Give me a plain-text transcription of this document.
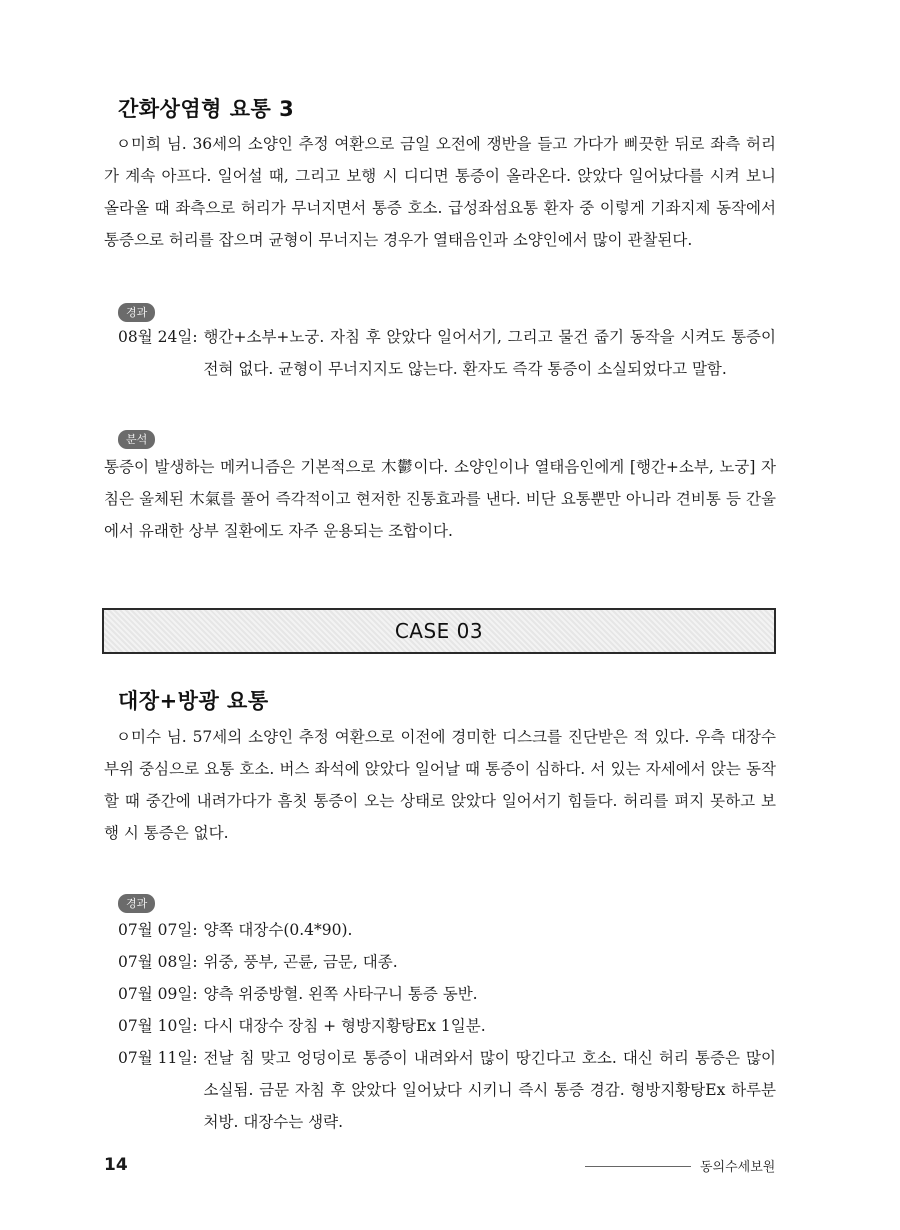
간화상염형 요통 3
ㅇ미희 님. 36세의 소양인 추정 여환으로 금일 오전에 쟁반을 들고 가다가 삐끗한 뒤로 좌측 허리가 계속 아프다. 일어설 때, 그리고 보행 시 디디면 통증이 올라온다. 앉았다 일어났다를 시켜 보니 올라올 때 좌측으로 허리가 무너지면서 통증 호소. 급성좌섬요통 환자 중 이렇게 기좌지제 동작에서 통증으로 허리를 잡으며 균형이 무너지는 경우가 열태음인과 소양인에서 많이 관찰된다.
경과
08월 24일: 행간+소부+노궁. 자침 후 앉았다 일어서기, 그리고 물건 줍기 동작을 시켜도 통증이 전혀 없다. 균형이 무너지지도 않는다. 환자도 즉각 통증이 소실되었다고 말함.
분석
통증이 발생하는 메커니즘은 기본적으로 木鬱이다. 소양인이나 열태음인에게 [행간+소부, 노궁] 자침은 울체된 木氣를 풀어 즉각적이고 현저한 진통효과를 낸다. 비단 요통뿐만 아니라 견비통 등 간울에서 유래한 상부 질환에도 자주 운용되는 조합이다.
CASE 03
대장+방광 요통
ㅇ미수 님. 57세의 소양인 추정 여환으로 이전에 경미한 디스크를 진단받은 적 있다. 우측 대장수 부위 중심으로 요통 호소. 버스 좌석에 앉았다 일어날 때 통증이 심하다. 서 있는 자세에서 앉는 동작할 때 중간에 내려가다가 흠칫 통증이 오는 상태로 앉았다 일어서기 힘들다. 허리를 펴지 못하고 보행 시 통증은 없다.
경과
07월 07일: 양쪽 대장수(0.4*90).
07월 08일: 위중, 풍부, 곤륜, 금문, 대종.
07월 09일: 양측 위중방혈. 왼쪽 사타구니 통증 동반.
07월 10일: 다시 대장수 장침 + 형방지황탕Ex 1일분.
07월 11일: 전날 침 맞고 엉덩이로 통증이 내려와서 많이 땅긴다고 호소. 대신 허리 통증은 많이 소실됨. 금문 자침 후 앉았다 일어났다 시키니 즉시 통증 경감. 형방지황탕Ex 하루분 처방. 대장수는 생략.
14	동의수세보원
